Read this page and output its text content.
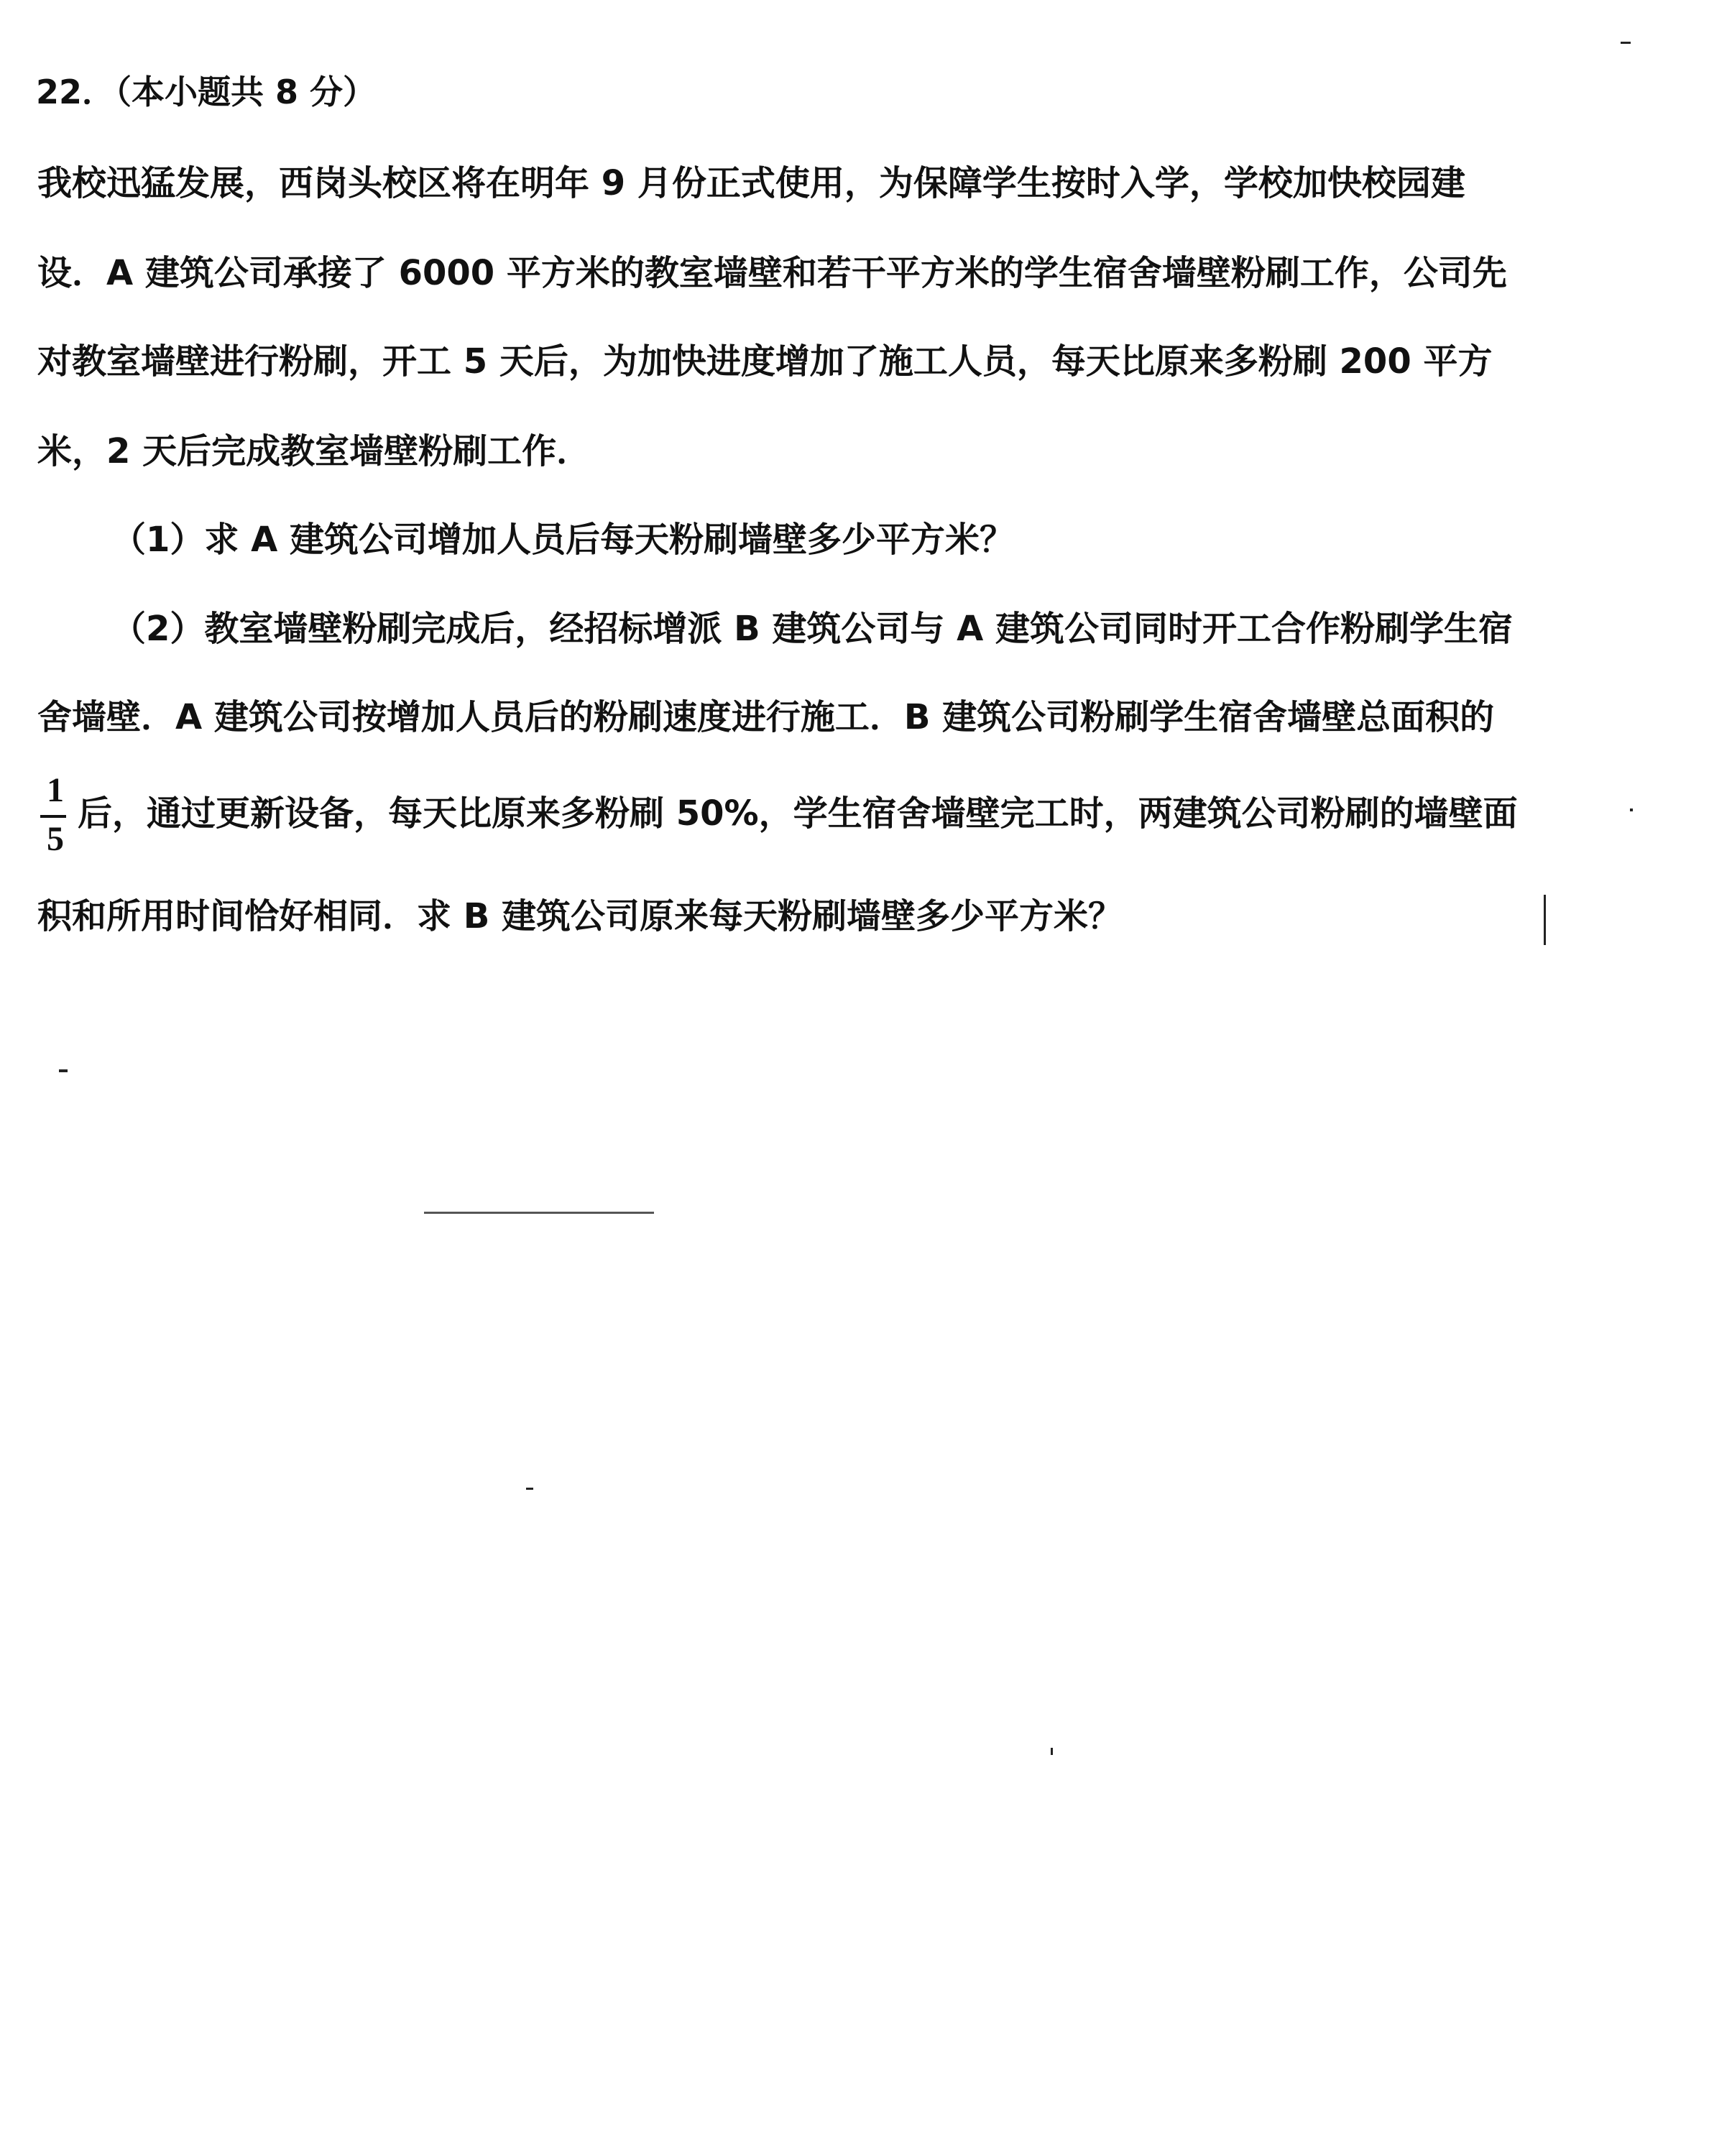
22．（本小题共 8 分）
我校迅猛发展，西岗头校区将在明年 9 月份正式使用，为保障学生按时入学，学校加快校园建
设．A 建筑公司承接了 6000 平方米的教室墙壁和若干平方米的学生宿舍墙壁粉刷工作，公司先
对教室墙壁进行粉刷，开工 5 天后，为加快进度增加了施工人员，每天比原来多粉刷 200 平方
米，2 天后完成教室墙壁粉刷工作．
（1）求 A 建筑公司增加人员后每天粉刷墙壁多少平方米？
（2）教室墙壁粉刷完成后，经招标增派 B 建筑公司与 A 建筑公司同时开工合作粉刷学生宿
舍墙壁．A 建筑公司按增加人员后的粉刷速度进行施工．B 建筑公司粉刷学生宿舍墙壁总面积的
1
5
后，通过更新设备，每天比原来多粉刷 50%，学生宿舍墙壁完工时，两建筑公司粉刷的墙壁面
积和所用时间恰好相同．求 B 建筑公司原来每天粉刷墙壁多少平方米？
